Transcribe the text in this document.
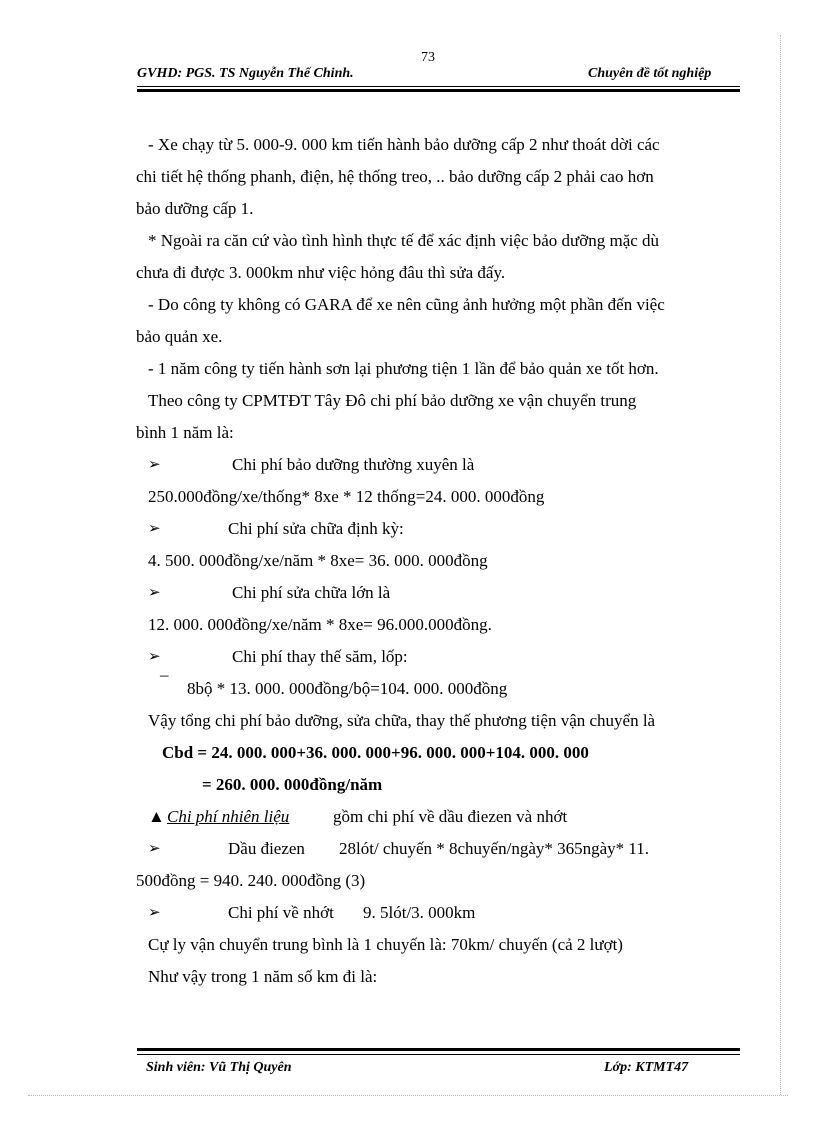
73
GVHD: PGS. TS Nguyễn Thế Chinh.	Chuyên đề tốt nghiệp
- Xe chạy từ 5. 000-9. 000 km tiến hành bảo dưỡng cấp 2 như thoát dời các
chi tiết hệ thống phanh, điện, hệ thống treo, .. bảo dưỡng cấp 2 phải cao hơn
bảo dưỡng cấp 1.
* Ngoài ra căn cứ vào tình hình thực tế để xác định việc bảo dưỡng mặc dù
chưa đi được 3. 000km như việc hỏng đâu thì sửa đấy.
- Do công ty không có GARA để xe nên cũng ảnh hưởng một phần đến việc
bảo quản xe.
- 1 năm công ty tiến hành sơn lại phương tiện 1 lần để bảo quản xe tốt hơn.
Theo công ty CPMTĐT Tây Đô chi phí bảo dưỡng xe vận chuyển trung
bình 1 năm là:
➢	Chi phí bảo dưỡng thường xuyên là
250.000đồng/xe/thống* 8xe * 12 thống=24. 000. 000đồng
➢	Chi phí sửa chữa định kỳ:
4. 500. 000đồng/xe/năm * 8xe= 36. 000. 000đồng
➢	Chi phí sửa chữa lớn là
12. 000. 000đồng/xe/năm * 8xe= 96.000.000đồng.
➢	Chi phí thay thế săm, lốp:
–
8bộ * 13. 000. 000đồng/bộ=104. 000. 000đồng
Vậy tổng chi phí bảo dưỡng, sửa chữa, thay thế phương tiện vận chuyển là
Cbd = 24. 000. 000+36. 000. 000+96. 000. 000+104. 000. 000
= 260. 000. 000đồng/năm
▲ Chi phí nhiên liệu	gồm chi phí về dầu điezen và nhớt
➢	Dầu điezen 28lót/ chuyến * 8chuyến/ngày* 365ngày* 11.
500đồng = 940. 240. 000đồng (3)
➢	Chi phí về nhớt 9. 5lót/3. 000km
Cự ly vận chuyển trung bình là 1 chuyến là: 70km/ chuyến (cả 2 lượt)
Như vậy trong 1 năm số km đi là:
Sinh viên: Vũ Thị Quyên	Lớp: KTMT47
